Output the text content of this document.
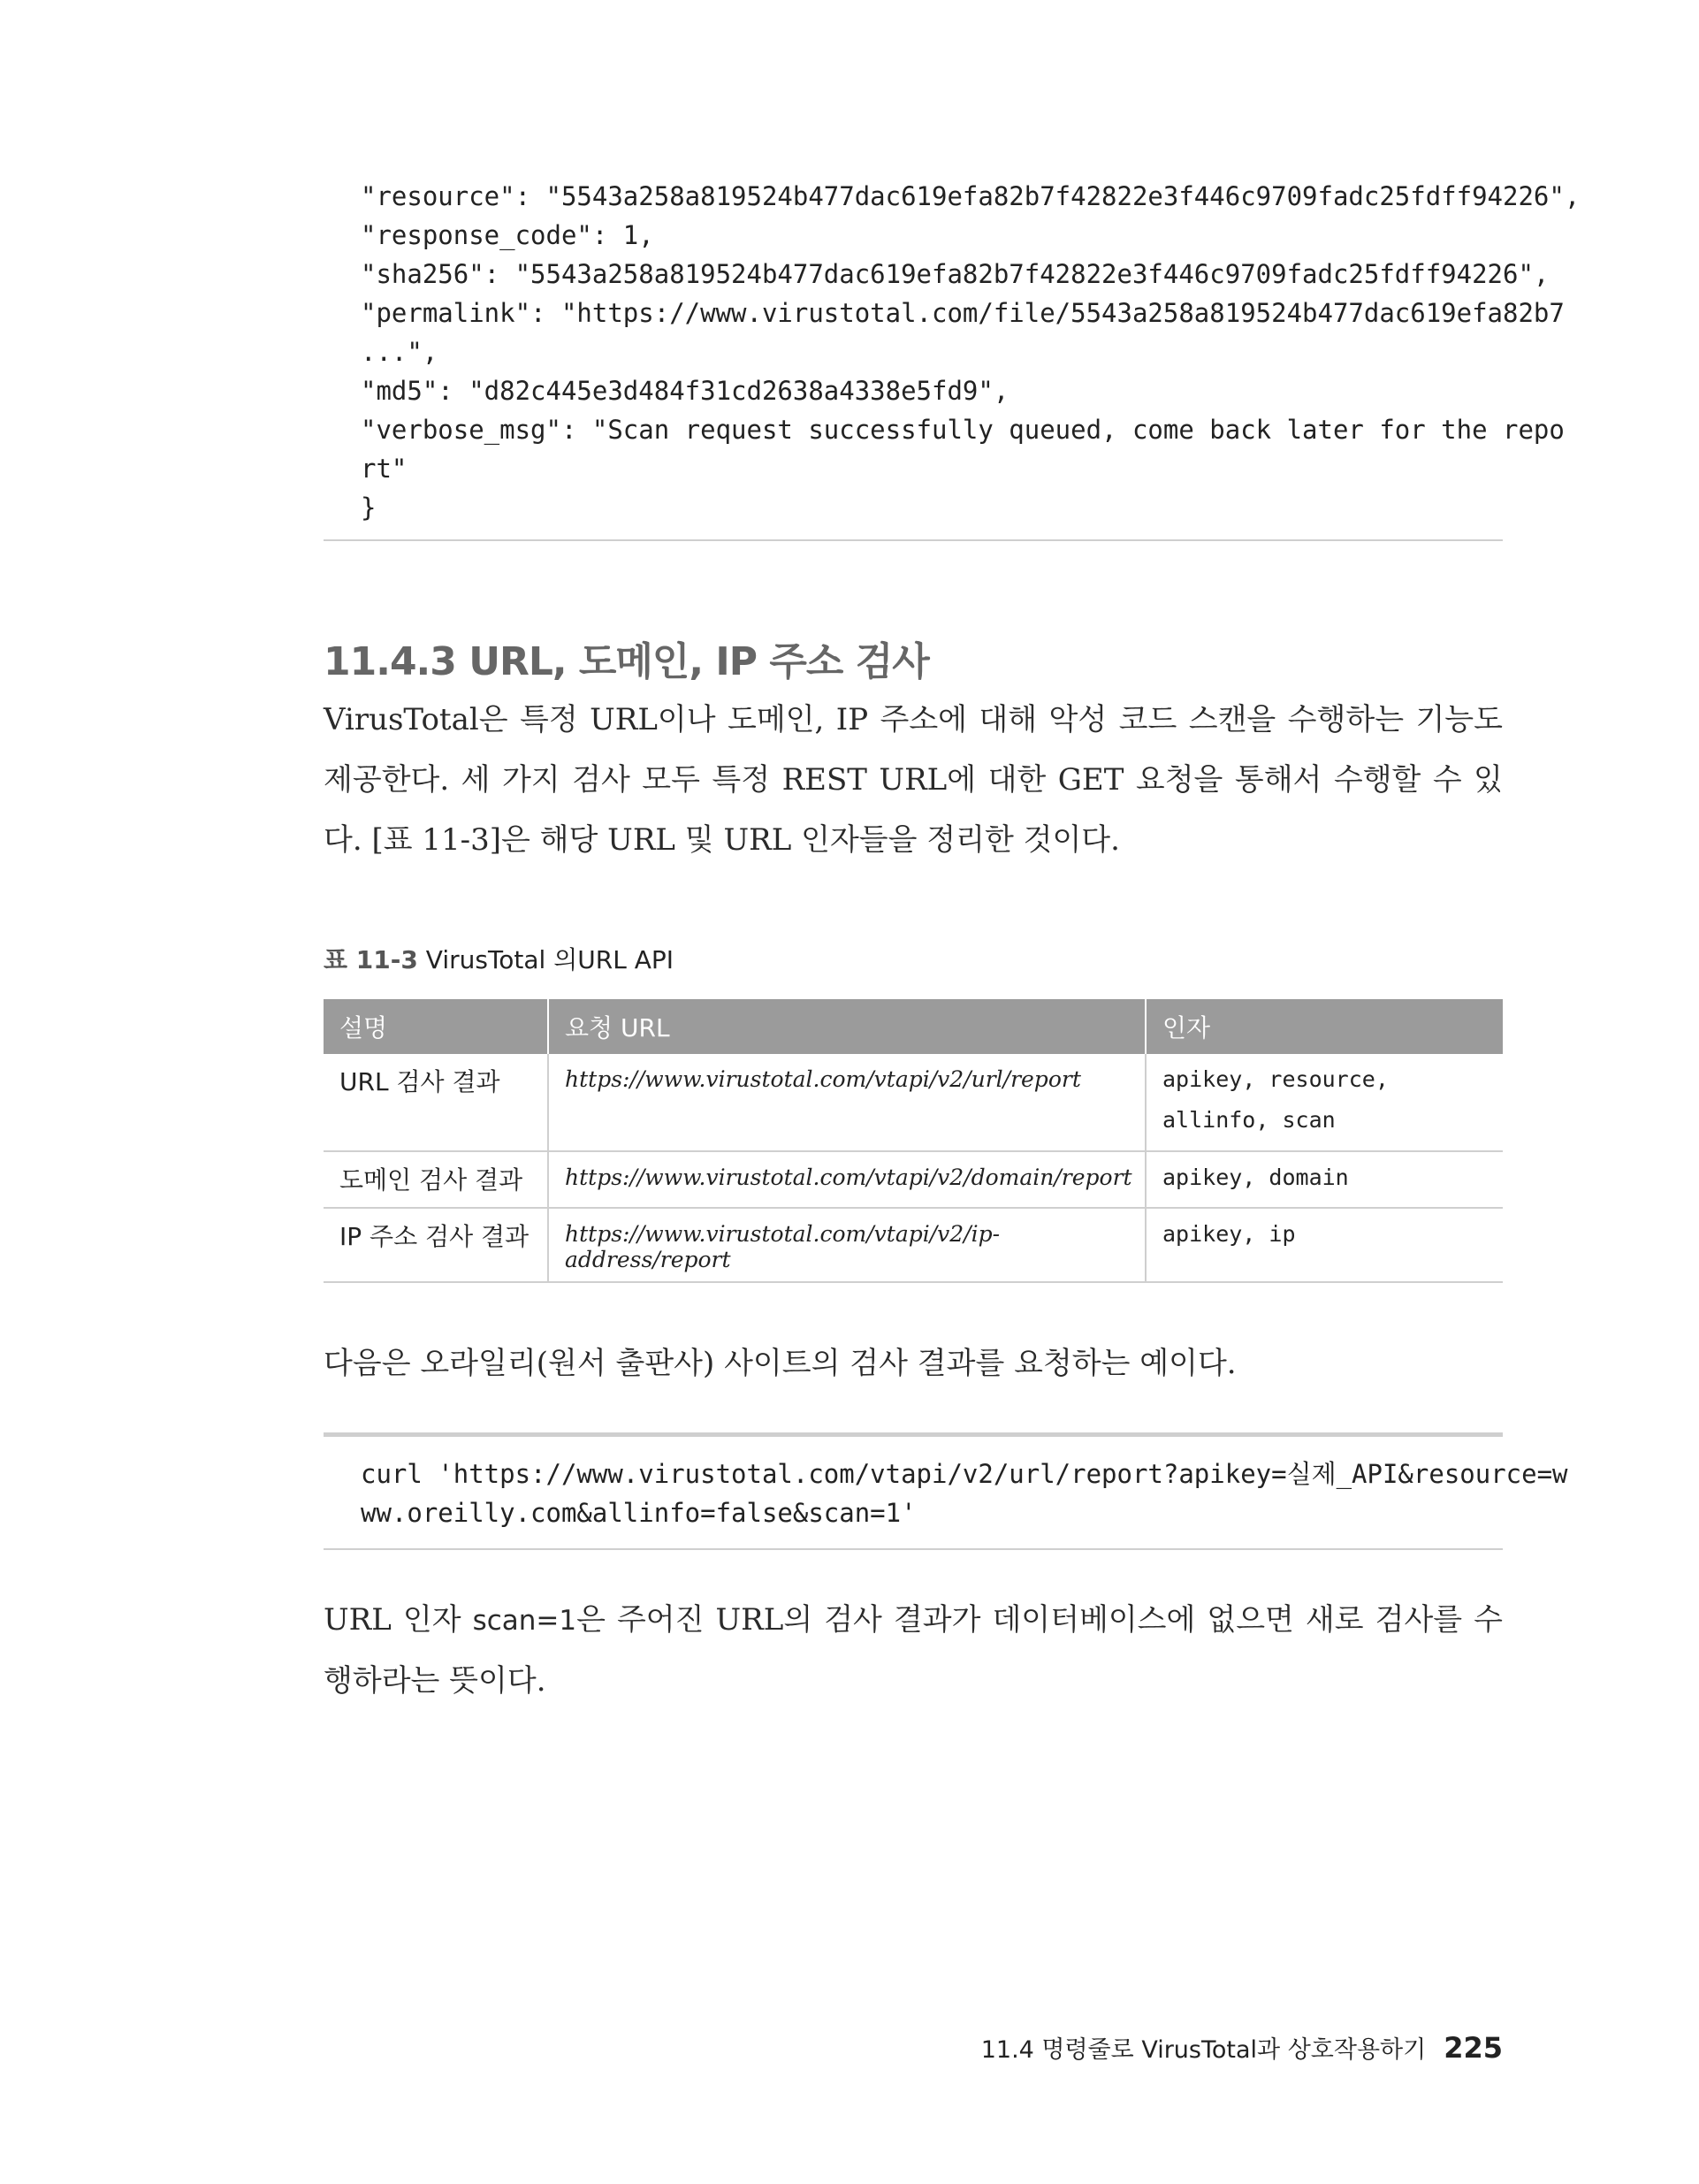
"resource": "5543a258a819524b477dac619efa82b7f42822e3f446c9709fadc25fdff94226",
"response_code": 1,
"sha256": "5543a258a819524b477dac619efa82b7f42822e3f446c9709fadc25fdff94226",
"permalink": "https://www.virustotal.com/file/5543a258a819524b477dac619efa82b7
...",
"md5": "d82c445e3d484f31cd2638a4338e5fd9",
"verbose_msg": "Scan request successfully queued, come back later for the repo
rt"
}
11.4.3 URL, 도메인, IP 주소 검사

VirusTotal은 특정 URL이나 도메인, IP 주소에 대해 악성 코드 스캔을 수행하는 기능도 제공한다. 세 가지 검사 모두 특정 REST URL에 대한 GET 요청을 통해서 수행할 수 있다. [표 11-3]은 해당 URL 및 URL 인자들을 정리한 것이다.

표 11-3 VirusTotal 의URL API

설명	요청 URL	인자
URL 검사 결과	https://www.virustotal.com/vtapi/v2/url/report	apikey, resource, allinfo, scan
도메인 검사 결과	https://www.virustotal.com/vtapi/v2/domain/report	apikey, domain
IP 주소 검사 결과	https://www.virustotal.com/vtapi/v2/ip-address/report	apikey, ip

다음은 오라일리(원서 출판사) 사이트의 검사 결과를 요청하는 예이다.

curl 'https://www.virustotal.com/vtapi/v2/url/report?apikey=실제_API&resource=w
ww.oreilly.com&allinfo=false&scan=1'

URL 인자 scan=1은 주어진 URL의 검사 결과가 데이터베이스에 없으면 새로 검사를 수행하라는 뜻이다.

11.4 명령줄로 VirusTotal과 상호작용하기 225
